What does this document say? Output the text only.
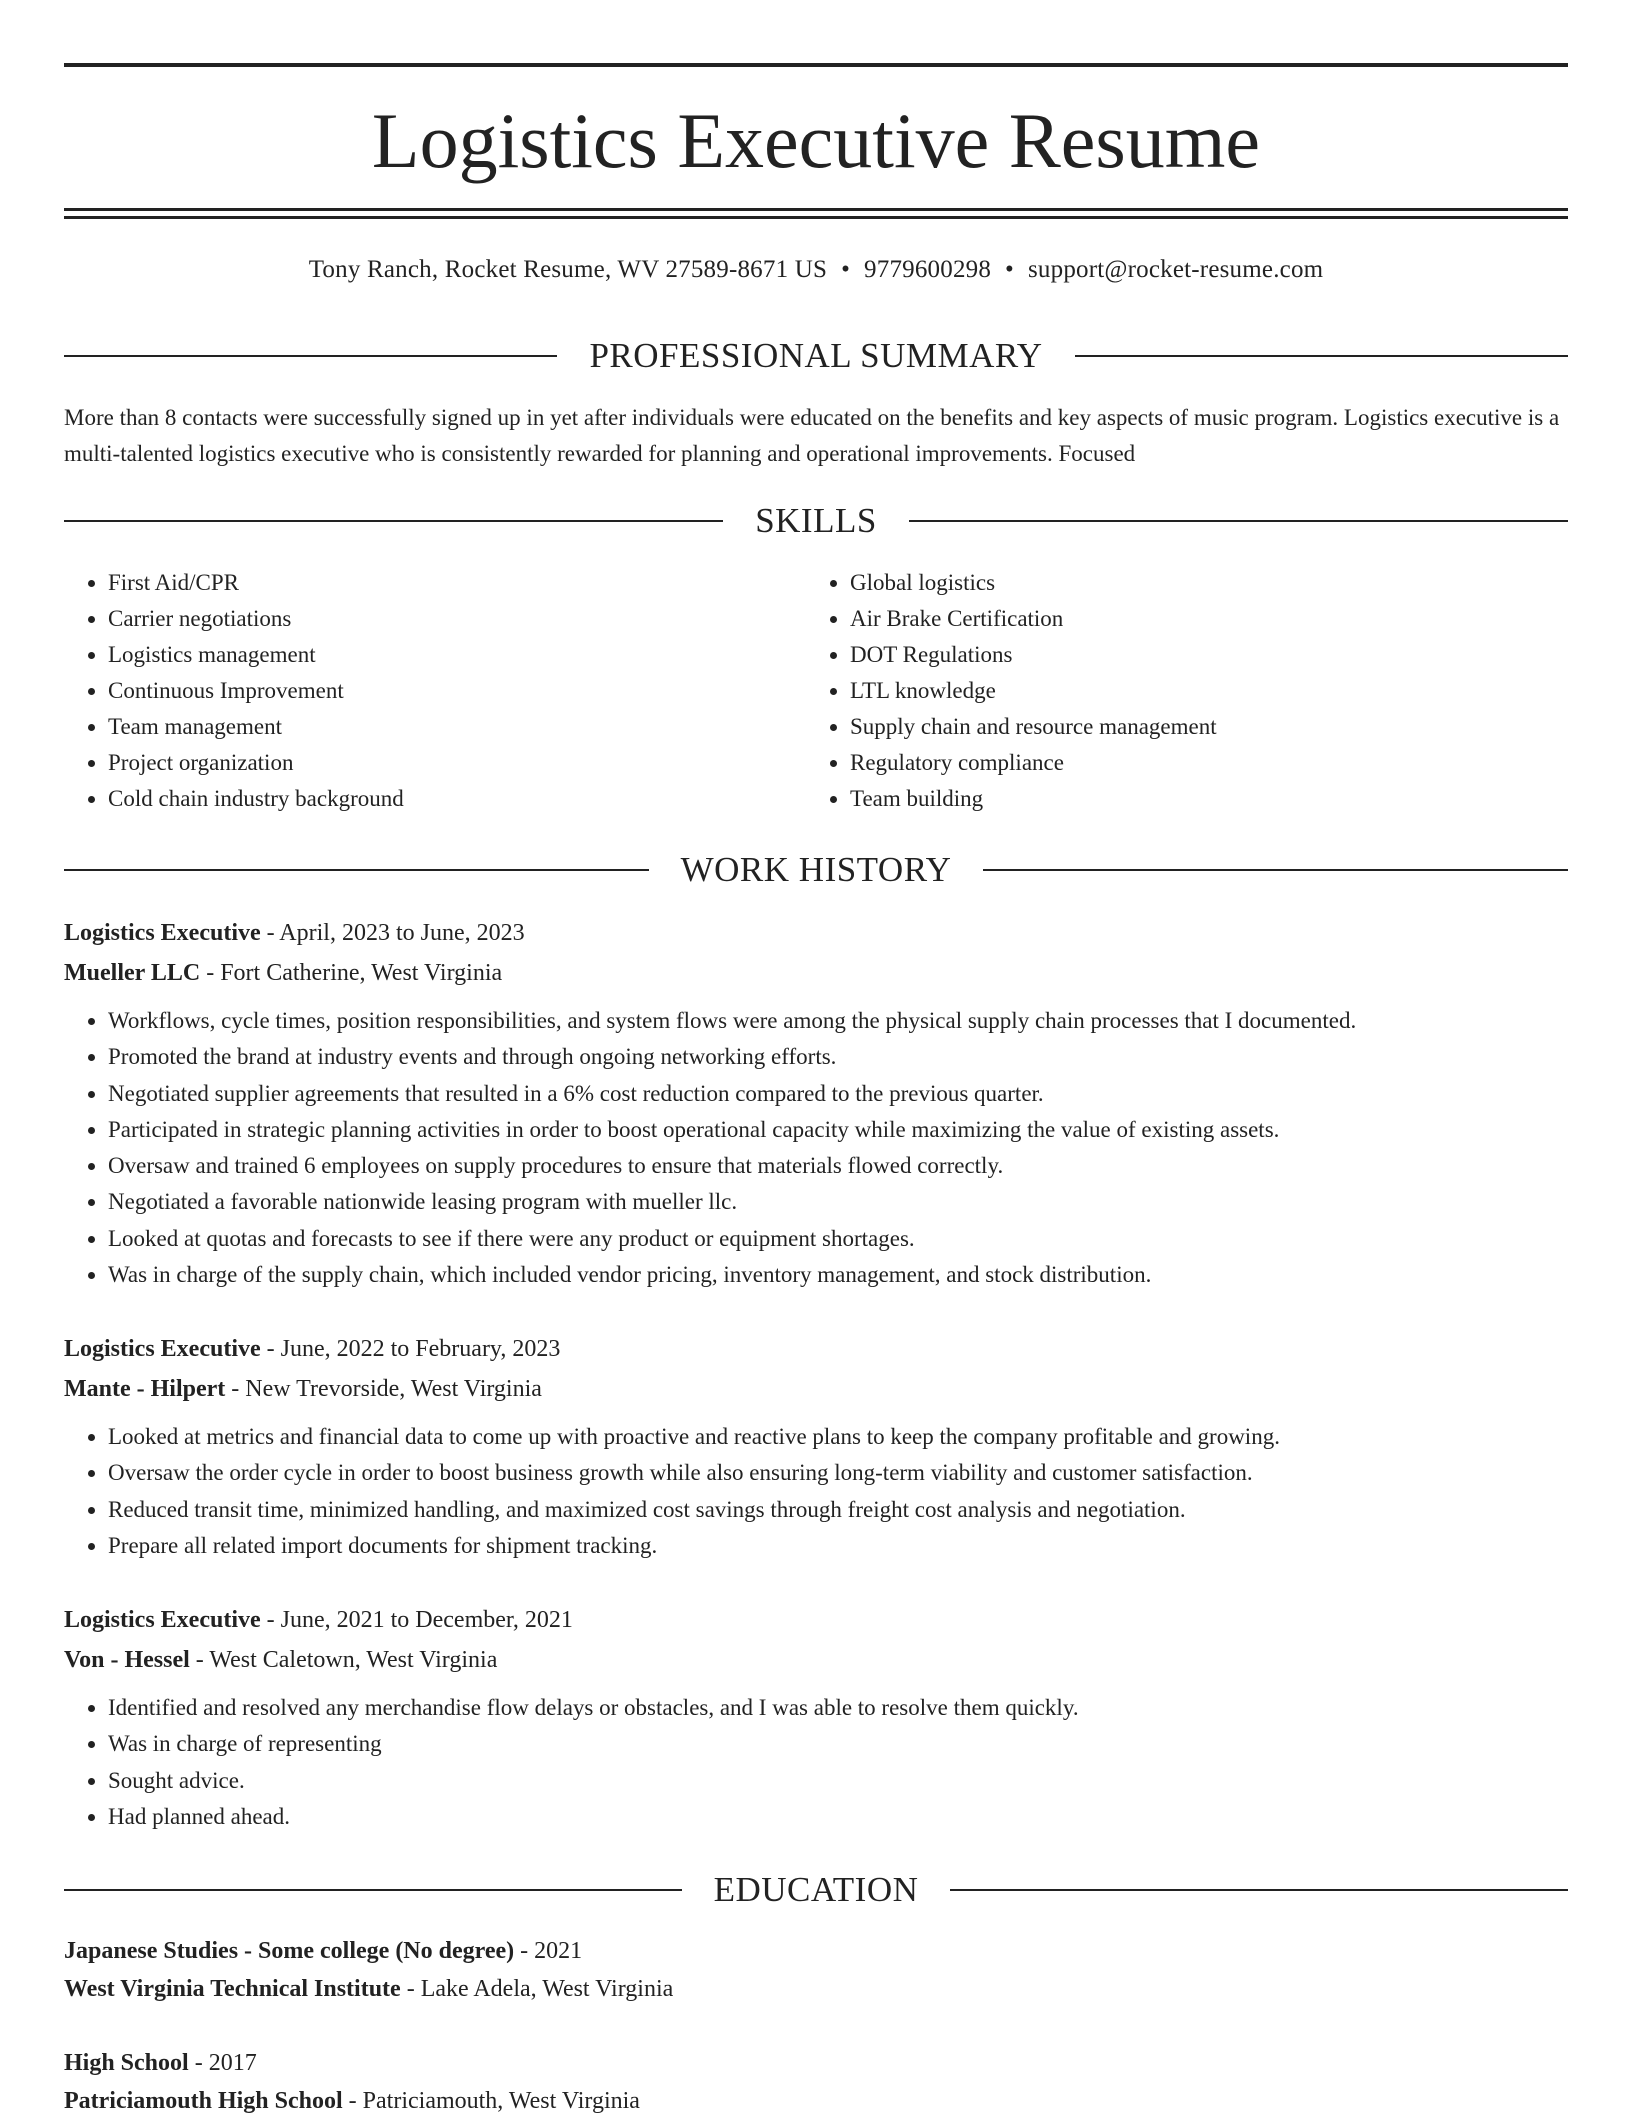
Logistics Executive Resume
Tony Ranch, Rocket Resume, WV 27589-8671 US • 9779600298 • support@rocket-resume.com
PROFESSIONAL SUMMARY

More than 8 contacts were successfully signed up in yet after individuals were educated on the benefits and key aspects of music program. Logistics executive is a multi-talented logistics executive who is consistently rewarded for planning and operational improvements. Focused

SKILLS
• First Aid/CPR
• Carrier negotiations
• Logistics management
• Continuous Improvement
• Team management
• Project organization
• Cold chain industry background
• Global logistics
• Air Brake Certification
• DOT Regulations
• LTL knowledge
• Supply chain and resource management
• Regulatory compliance
• Team building
WORK HISTORY
Logistics Executive - April, 2023 to June, 2023
Mueller LLC - Fort Catherine, West Virginia
• Workflows, cycle times, position responsibilities, and system flows were among the physical supply chain processes that I documented.
• Promoted the brand at industry events and through ongoing networking efforts.
• Negotiated supplier agreements that resulted in a 6% cost reduction compared to the previous quarter.
• Participated in strategic planning activities in order to boost operational capacity while maximizing the value of existing assets.
• Oversaw and trained 6 employees on supply procedures to ensure that materials flowed correctly.
• Negotiated a favorable nationwide leasing program with mueller llc.
• Looked at quotas and forecasts to see if there were any product or equipment shortages.
• Was in charge of the supply chain, which included vendor pricing, inventory management, and stock distribution.
Logistics Executive - June, 2022 to February, 2023
Mante - Hilpert - New Trevorside, West Virginia
• Looked at metrics and financial data to come up with proactive and reactive plans to keep the company profitable and growing.
• Oversaw the order cycle in order to boost business growth while also ensuring long-term viability and customer satisfaction.
• Reduced transit time, minimized handling, and maximized cost savings through freight cost analysis and negotiation.
• Prepare all related import documents for shipment tracking.
Logistics Executive - June, 2021 to December, 2021
Von - Hessel - West Caletown, West Virginia
• Identified and resolved any merchandise flow delays or obstacles, and I was able to resolve them quickly.
• Was in charge of representing
• Sought advice.
• Had planned ahead.
EDUCATION
Japanese Studies - Some college (No degree) - 2021
West Virginia Technical Institute - Lake Adela, West Virginia
High School - 2017
Patriciamouth High School - Patriciamouth, West Virginia
